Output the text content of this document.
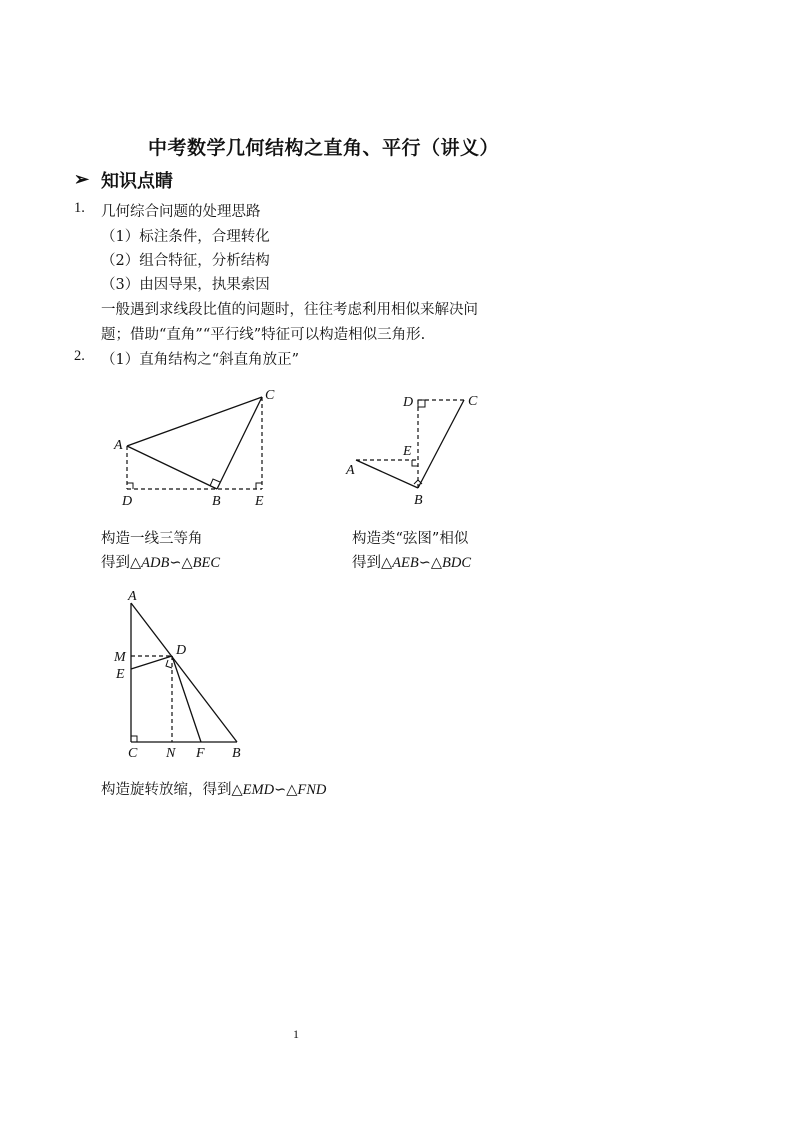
中考数学几何结构之直角、平行（讲义）
➢ 知识点睛
1. 几何综合问题的处理思路
（1）标注条件，合理转化
（2）组合特征，分析结构
（3）由因导果，执果索因
一般遇到求线段比值的问题时，往往考虑利用相似来解决问
题；借助“直角”“平行线”特征可以构造相似三角形.
2. （1）直角结构之“斜直角放正”
A
C
D	B E
A
C
D
E
B
构造一线三等角
得到△ADB∽△BEC
构造类“弦图”相似
得到△AEB∽△BDC
A
M
E
D
C N F B
构造旋转放缩，得到△EMD∽△FND
1
